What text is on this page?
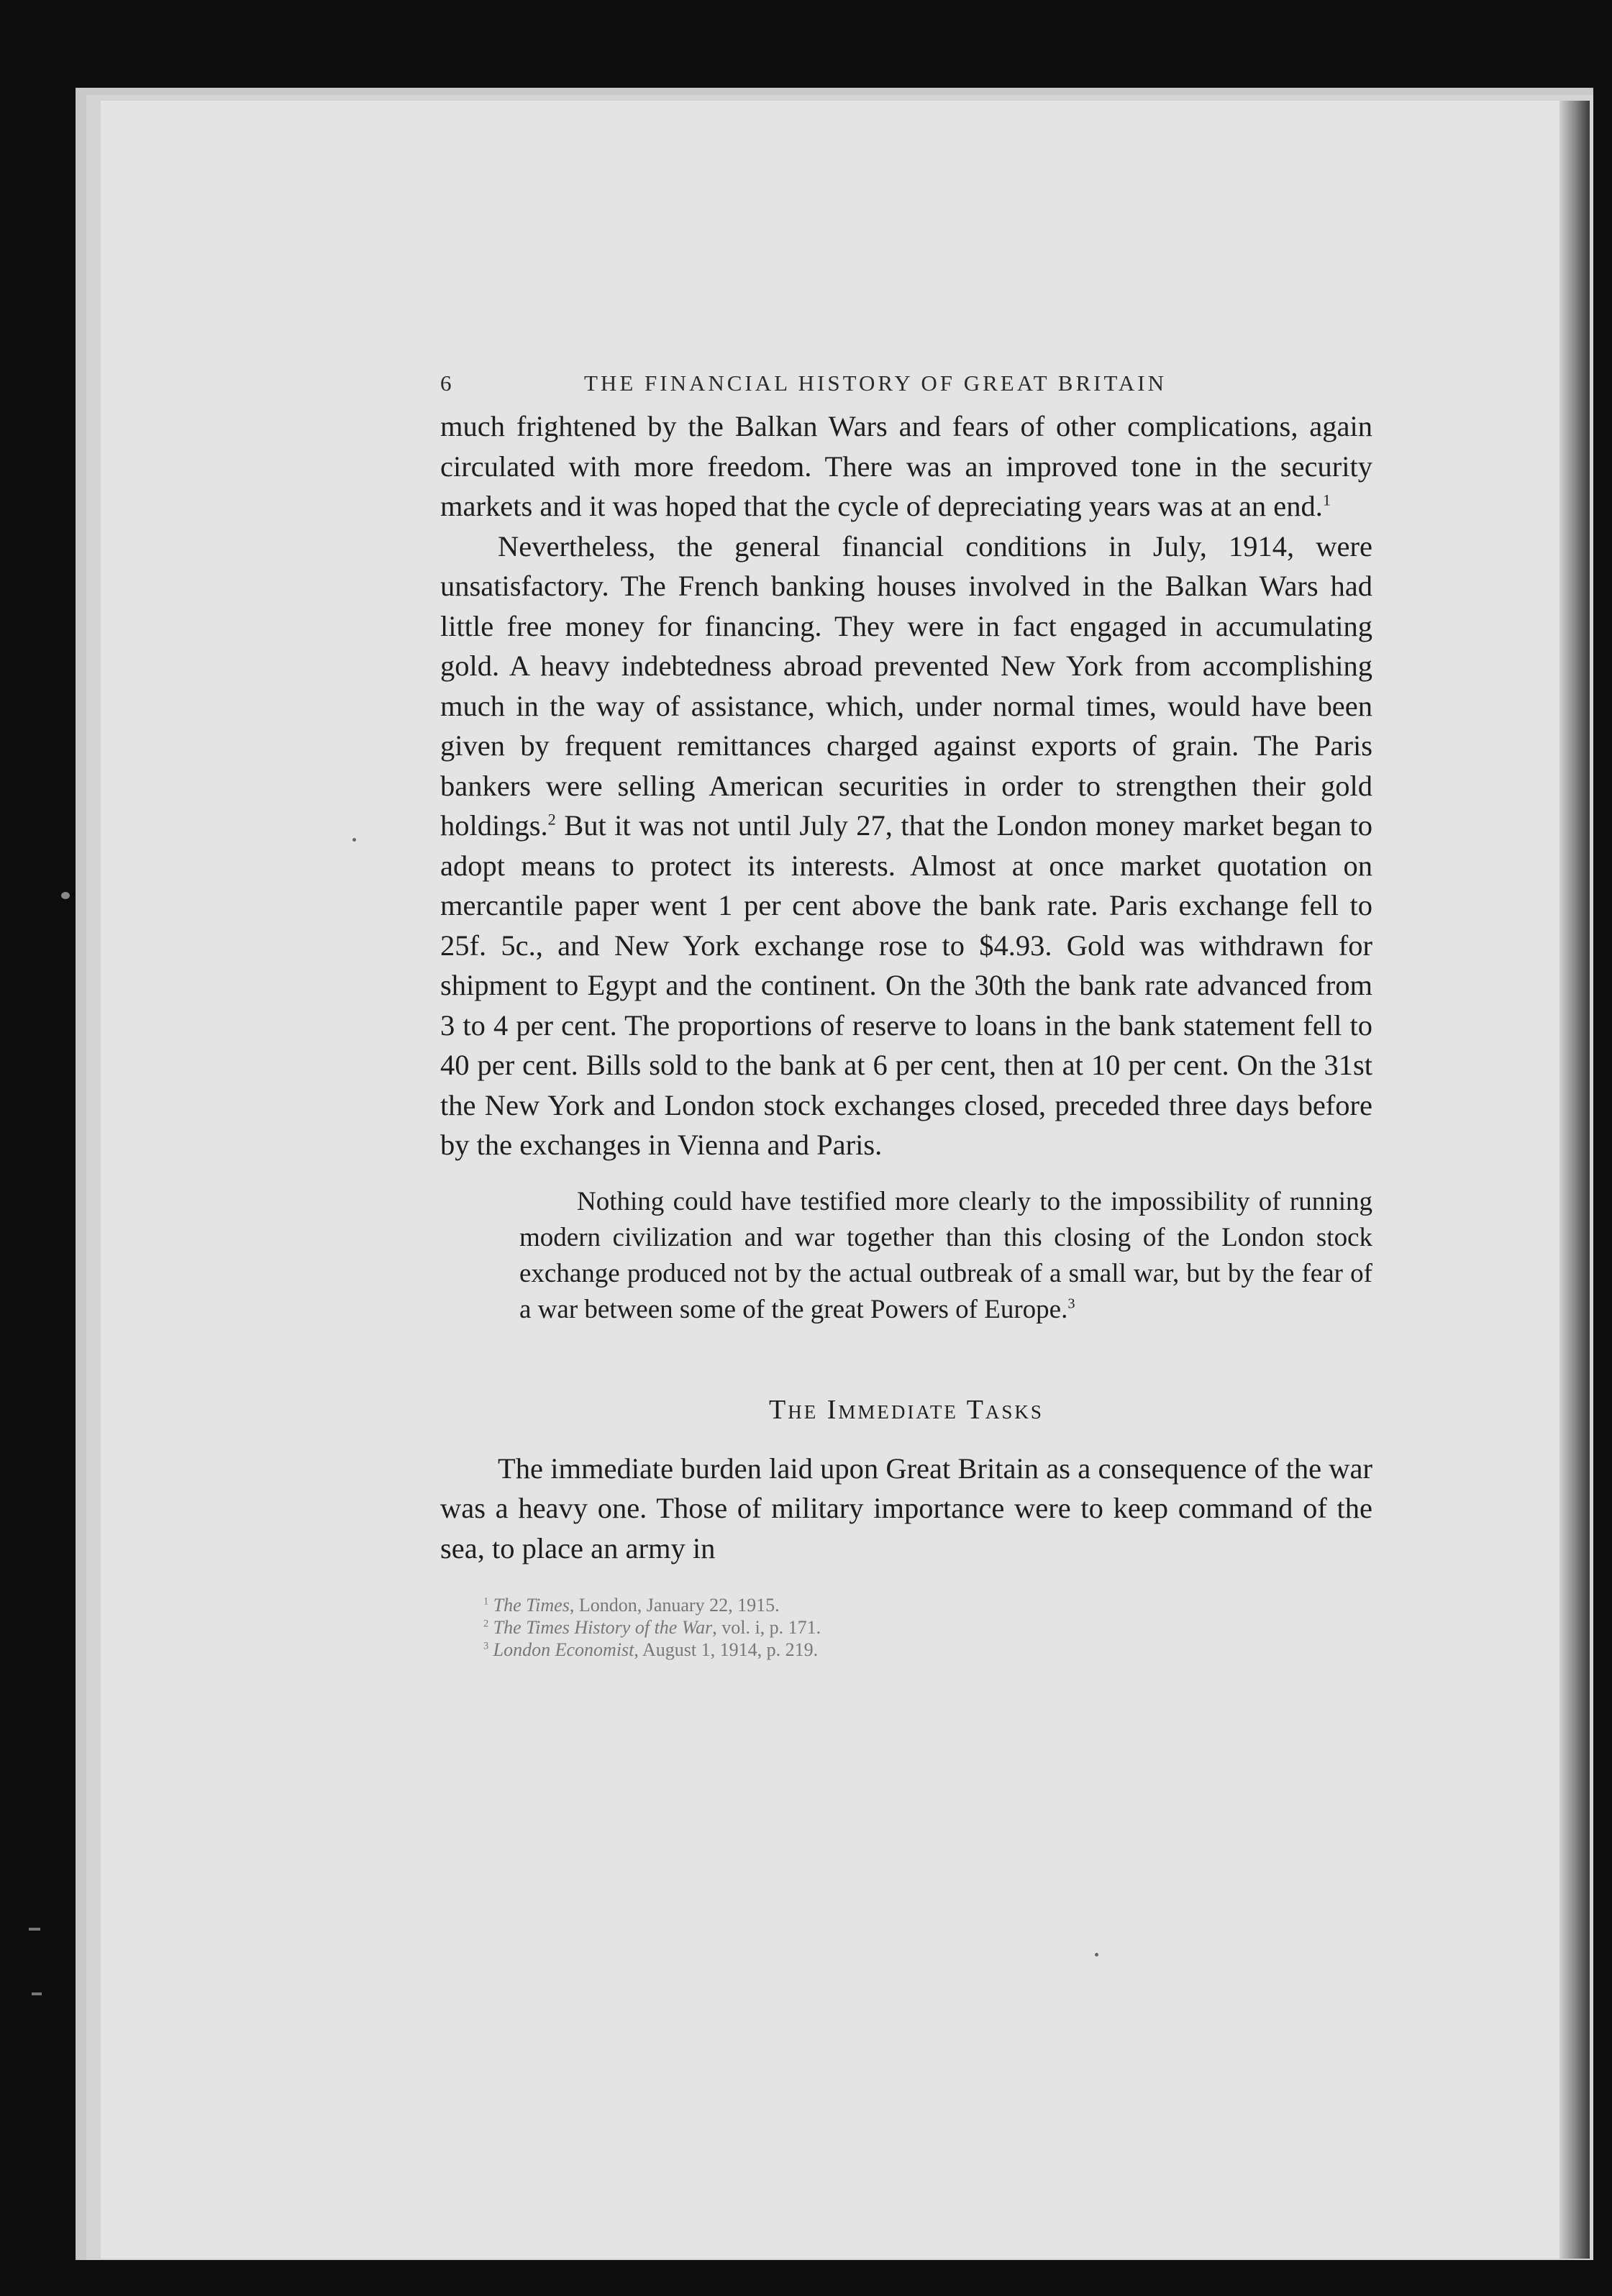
6	THE FINANCIAL HISTORY OF GREAT BRITAIN

much frightened by the Balkan Wars and fears of other complications, again circulated with more freedom. There was an improved tone in the security markets and it was hoped that the cycle of depreciating years was at an end.$^1$

Nevertheless, the general financial conditions in July, 1914, were unsatisfactory. The French banking houses involved in the Balkan Wars had little free money for financing. They were in fact engaged in accumulating gold. A heavy indebtedness abroad prevented New York from accomplishing much in the way of assistance, which, under normal times, would have been given by frequent remittances charged against exports of grain. The Paris bankers were selling American securities in order to strengthen their gold holdings.$^2$ But it was not until July 27, that the London money market began to adopt means to protect its interests. Almost at once market quotation on mercantile paper went 1 per cent above the bank rate. Paris exchange fell to 25f. 5c., and New York exchange rose to $4.93. Gold was withdrawn for shipment to Egypt and the continent. On the 30th the bank rate advanced from 3 to 4 per cent. The proportions of reserve to loans in the bank statement fell to 40 per cent. Bills sold to the bank at 6 per cent, then at 10 per cent. On the 31st the New York and London stock exchanges closed, preceded three days before by the exchanges in Vienna and Paris.

Nothing could have testified more clearly to the impossibility of running modern civilization and war together than this closing of the London stock exchange produced not by the actual outbreak of a small war, but by the fear of a war between some of the great Powers of Europe.$^3$

The Immediate Tasks

The immediate burden laid upon Great Britain as a consequence of the war was a heavy one. Those of military importance were to keep command of the sea, to place an army in

$^1$ The Times, London, January 22, 1915.
$^2$ The Times History of the War, vol. i, p. 171.
$^3$ London Economist, August 1, 1914, p. 219.
